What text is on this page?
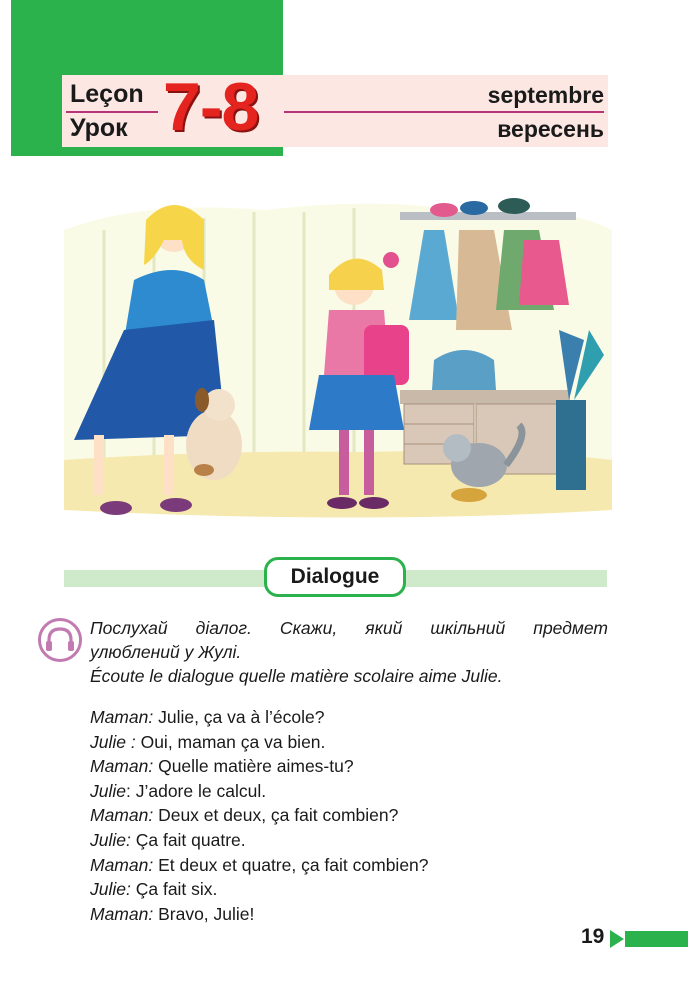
Leçon
Урок 7-8	septembre
вересень
Dialogue
Послухай діалог. Скажи, який шкільний предмет
улюблений у Жулі.
Écoute le dialogue quelle matière scolaire aime Julie.
Maman: Julie, ça va à l’école?
Julie : Oui, maman ça va bien.
Maman: Quelle matière aimes-tu?
Julie: J’adore le calcul.
Maman: Deux et deux, ça fait combien?
Julie: Ça fait quatre.
Maman: Et deux et quatre, ça fait combien?
Julie: Ça fait six.
Maman: Bravo, Julie!
19
